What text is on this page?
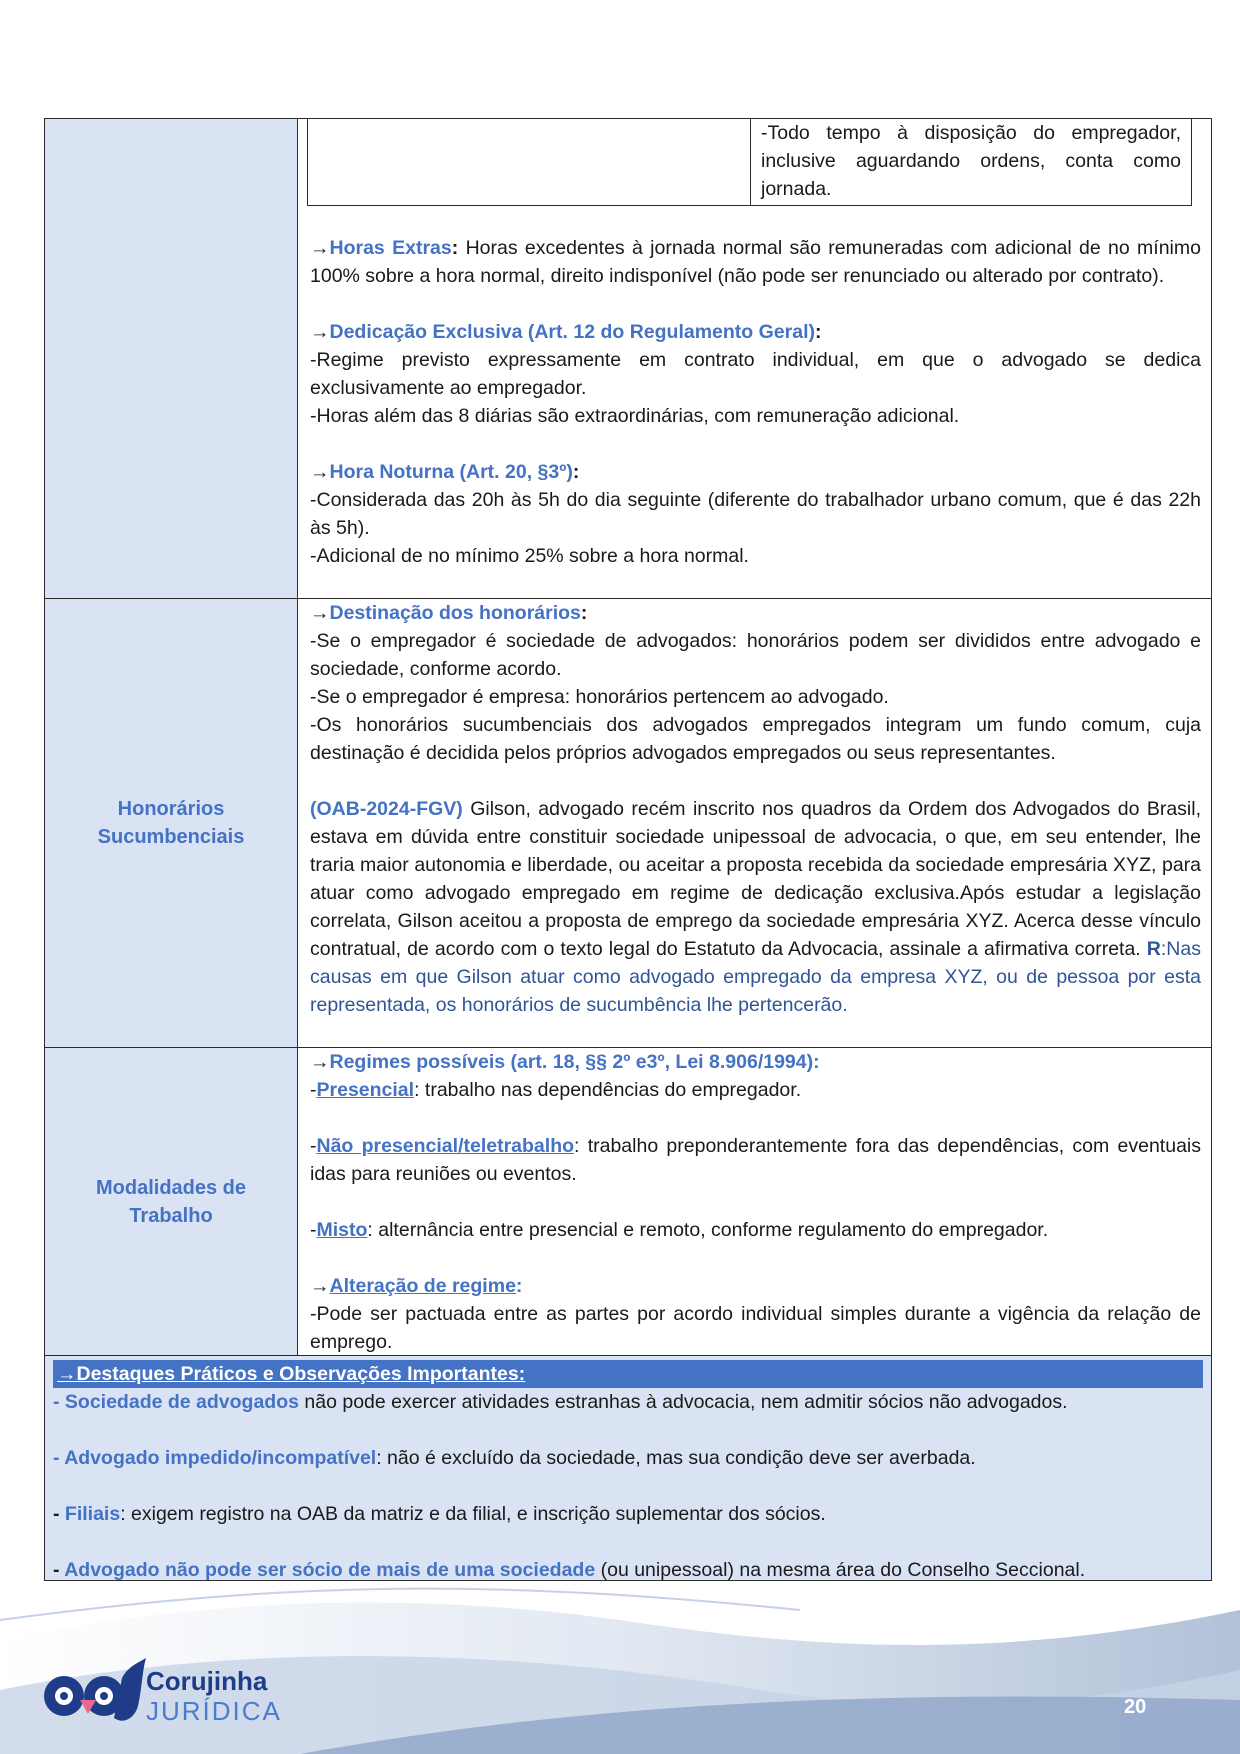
-Todo tempo à disposição do empregador, inclusive aguardando ordens, conta como jornada.

→Horas Extras: Horas excedentes à jornada normal são remuneradas com adicional de no mínimo 100% sobre a hora normal, direito indisponível (não pode ser renunciado ou alterado por contrato).

→Dedicação Exclusiva (Art. 12 do Regulamento Geral):

-Regime previsto expressamente em contrato individual, em que o advogado se dedica exclusivamente ao empregador.

-Horas além das 8 diárias são extraordinárias, com remuneração adicional.

→Hora Noturna (Art. 20, §3º):

-Considerada das 20h às 5h do dia seguinte (diferente do trabalhador urbano comum, que é das 22h às 5h).

-Adicional de no mínimo 25% sobre a hora normal.

Honorários Sucumbenciais

→Destinação dos honorários:

-Se o empregador é sociedade de advogados: honorários podem ser divididos entre advogado e sociedade, conforme acordo.

-Se o empregador é empresa: honorários pertencem ao advogado.

-Os honorários sucumbenciais dos advogados empregados integram um fundo comum, cuja destinação é decidida pelos próprios advogados empregados ou seus representantes.

(OAB-2024-FGV) Gilson, advogado recém inscrito nos quadros da Ordem dos Advogados do Brasil, estava em dúvida entre constituir sociedade unipessoal de advocacia, o que, em seu entender, lhe traria maior autonomia e liberdade, ou aceitar a proposta recebida da sociedade empresária XYZ, para atuar como advogado empregado em regime de dedicação exclusiva.Após estudar a legislação correlata, Gilson aceitou a proposta de emprego da sociedade empresária XYZ. Acerca desse vínculo contratual, de acordo com o texto legal do Estatuto da Advocacia, assinale a afirmativa correta. R:Nas causas em que Gilson atuar como advogado empregado da empresa XYZ, ou de pessoa por esta representada, os honorários de sucumbência lhe pertencerão.

Modalidades de Trabalho

→Regimes possíveis (art. 18, §§ 2º e3º, Lei 8.906/1994):

-Presencial: trabalho nas dependências do empregador.

-Não presencial/teletrabalho: trabalho preponderantemente fora das dependências, com eventuais idas para reuniões ou eventos.

-Misto: alternância entre presencial e remoto, conforme regulamento do empregador.

→Alteração de regime:

-Pode ser pactuada entre as partes por acordo individual simples durante a vigência da relação de emprego.

→Destaques Práticos e Observações Importantes:

- Sociedade de advogados não pode exercer atividades estranhas à advocacia, nem admitir sócios não advogados.

- Advogado impedido/incompatível: não é excluído da sociedade, mas sua condição deve ser averbada.

- Filiais: exigem registro na OAB da matriz e da filial, e inscrição suplementar dos sócios.

- Advogado não pode ser sócio de mais de uma sociedade (ou unipessoal) na mesma área do Conselho Seccional.

Corujinha
JURÍDICA	20
